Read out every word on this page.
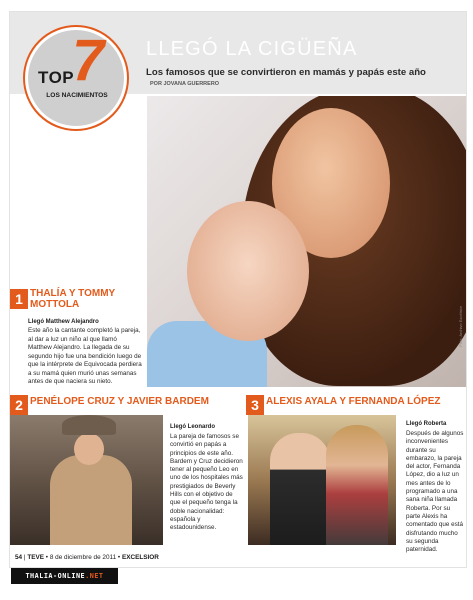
LLEGÓ LA CIGÜEÑA
Los famosos que se convirtieron en mamás y papás este año
POR JOVANA GUERRERO
7
TOP
LOS NACIMIENTOS
Foto: Archivo Excélsior
1 THALÍA Y TOMMY MOTTOLA
Llegó Matthew Alejandro
Este año la cantante completó la pareja, al dar a luz un niño al que llamó Matthew Alejandro. La llegada de su segundo hijo fue una bendición luego de que la intérprete de Equivocada perdiera a su mamá quien murió unas semanas antes de que naciera su nieto.
2 PENÉLOPE CRUZ Y JAVIER BARDEM
Llegó Leonardo
La pareja de famosos se convirtió en papás a principios de este año. Bardem y Cruz decidieron tener al pequeño Leo en uno de los hospitales más prestigiados de Beverly Hills con el objetivo de que el pequeño tenga la doble nacionalidad: española y estadounidense.
3 ALEXIS AYALA Y FERNANDA LÓPEZ
Llegó Roberta
Después de algunos inconvenientes durante su embarazo, la pareja del actor, Fernanda López, dio a luz un mes antes de lo programado a una sana niña llamada Roberta. Por su parte Alexis ha comentado que está disfrutando mucho su segunda paternidad.
54 | TEVE • 8 de diciembre de 2011 • EXCELSIOR
THALIA-ONLINE.NET
